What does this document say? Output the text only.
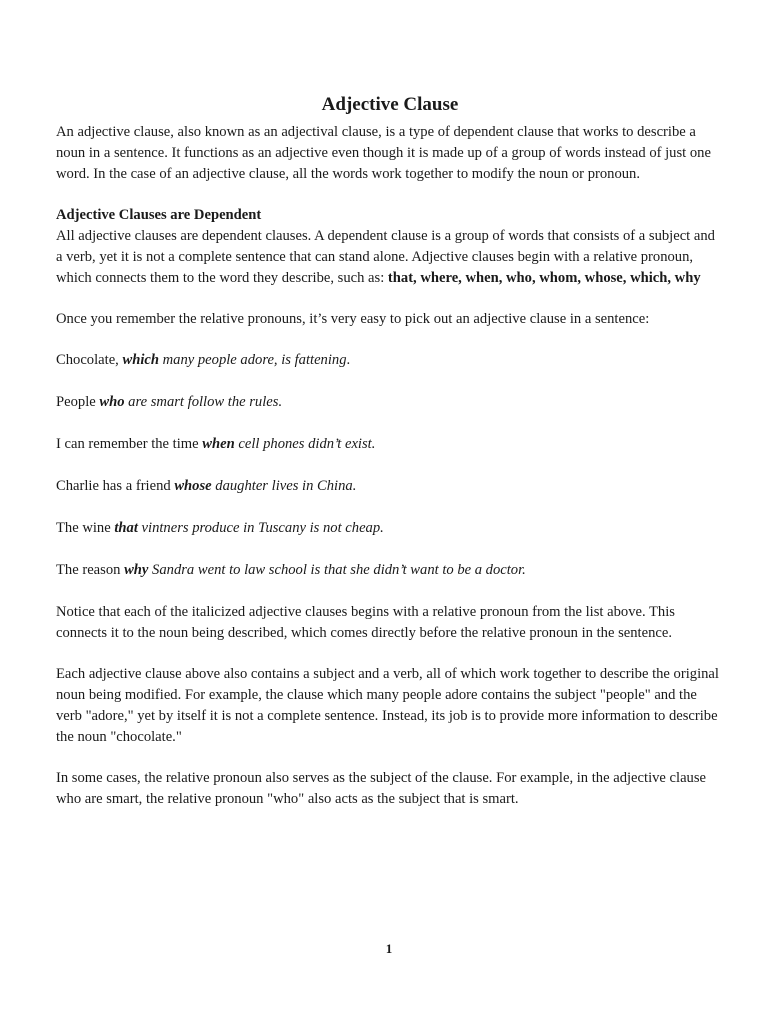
Adjective Clause

An adjective clause, also known as an adjectival clause, is a type of dependent clause that works to describe a noun in a sentence. It functions as an adjective even though it is made up of a group of words instead of just one word. In the case of an adjective clause, all the words work together to modify the noun or pronoun.

Adjective Clauses are Dependent

All adjective clauses are dependent clauses. A dependent clause is a group of words that consists of a subject and a verb, yet it is not a complete sentence that can stand alone. Adjective clauses begin with a relative pronoun, which connects them to the word they describe, such as: that, where, when, who, whom, whose, which, why

Once you remember the relative pronouns, it’s very easy to pick out an adjective clause in a sentence:

Chocolate, which many people adore, is fattening.

People who are smart follow the rules.

I can remember the time when cell phones didn’t exist.

Charlie has a friend whose daughter lives in China.

The wine that vintners produce in Tuscany is not cheap.

The reason why Sandra went to law school is that she didn’t want to be a doctor.

Notice that each of the italicized adjective clauses begins with a relative pronoun from the list above. This connects it to the noun being described, which comes directly before the relative pronoun in the sentence.

Each adjective clause above also contains a subject and a verb, all of which work together to describe the original noun being modified. For example, the clause which many people adore contains the subject "people" and the verb "adore," yet by itself it is not a complete sentence. Instead, its job is to provide more information to describe the noun "chocolate."

In some cases, the relative pronoun also serves as the subject of the clause. For example, in the adjective clause who are smart, the relative pronoun "who" also acts as the subject that is smart.

1
